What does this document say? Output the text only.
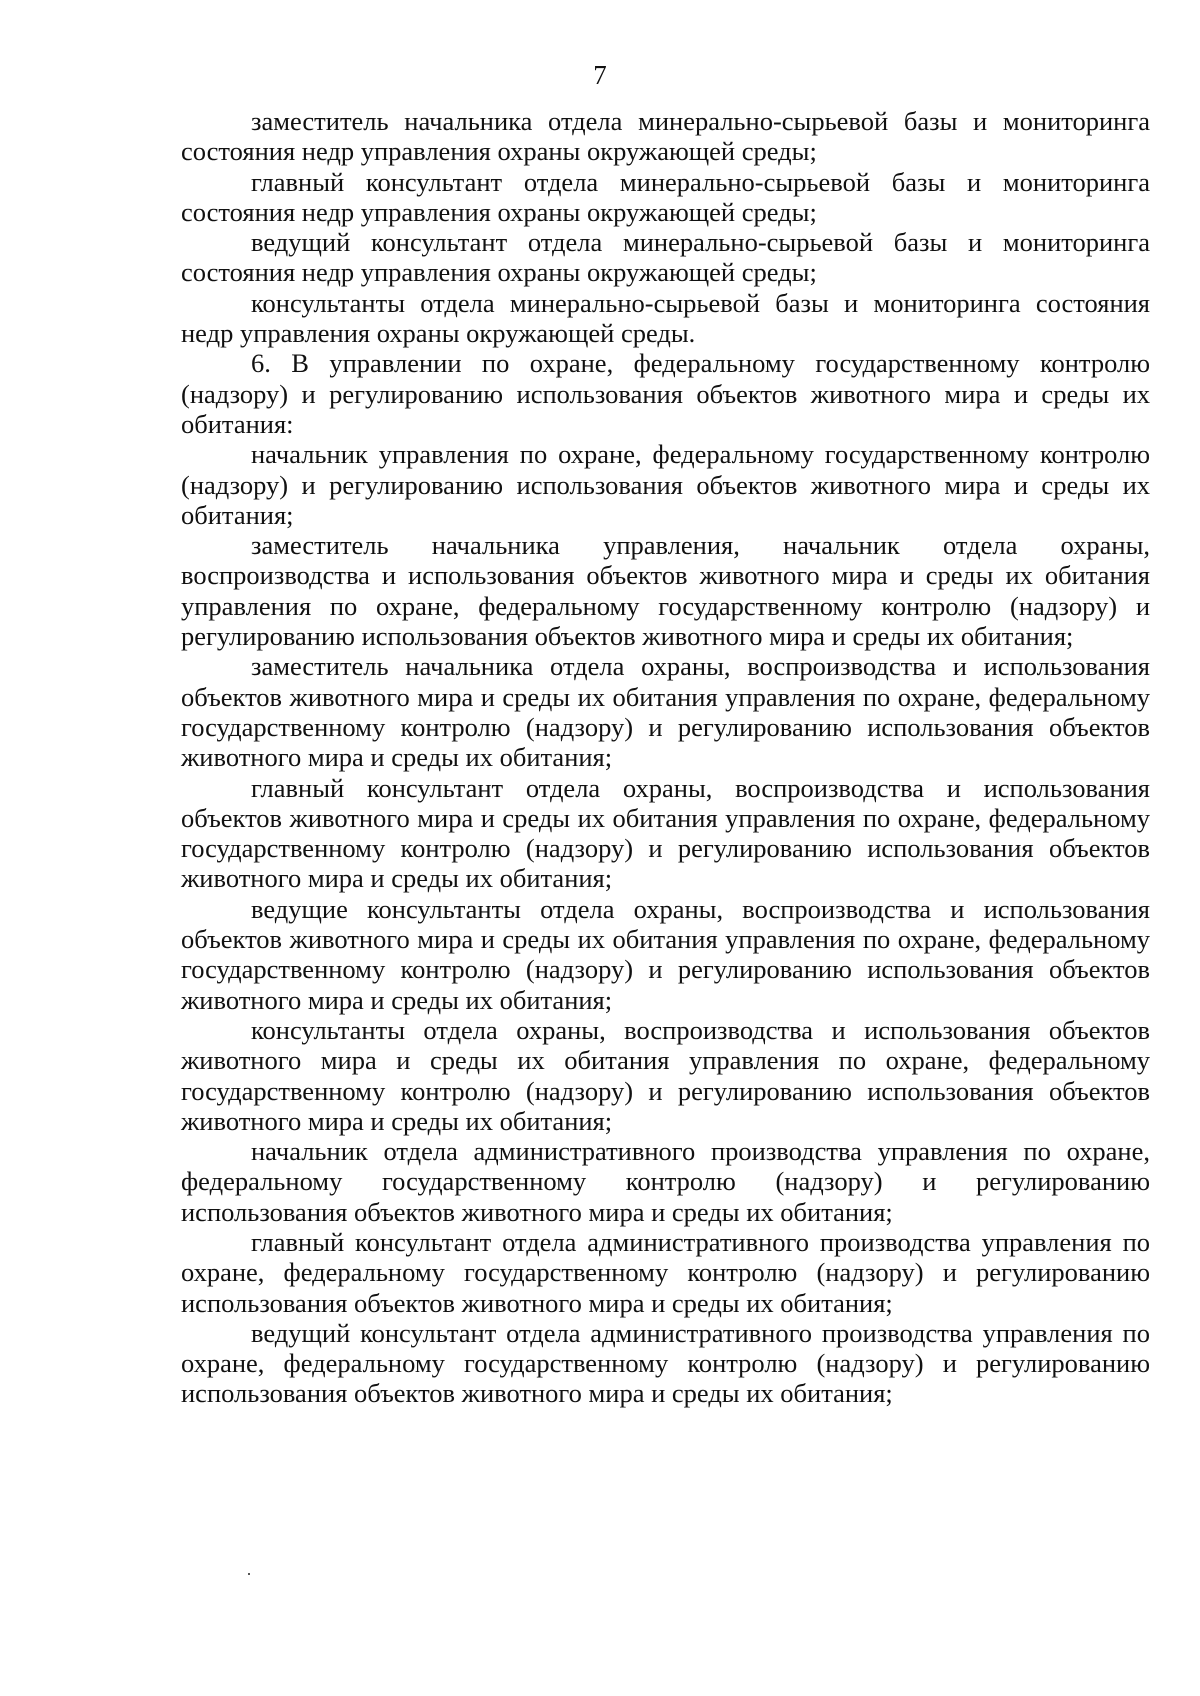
7

заместитель начальника отдела минерально-сырьевой базы и мониторинга состояния недр управления охраны окружающей среды;

главный консультант отдела минерально-сырьевой базы и мониторинга состояния недр управления охраны окружающей среды;

ведущий консультант отдела минерально-сырьевой базы и мониторинга состояния недр управления охраны окружающей среды;

консультанты отдела минерально-сырьевой базы и мониторинга состояния недр управления охраны окружающей среды.

6. В управлении по охране, федеральному государственному контролю (надзору) и регулированию использования объектов животного мира и среды их обитания:

начальник управления по охране, федеральному государственному контролю (надзору) и регулированию использования объектов животного мира и среды их обитания;

заместитель начальника управления, начальник отдела охраны, воспроизводства и использования объектов животного мира и среды их обитания управления по охране, федеральному государственному контролю (надзору) и регулированию использования объектов животного мира и среды их обитания;

заместитель начальника отдела охраны, воспроизводства и использования объектов животного мира и среды их обитания управления по охране, федеральному государственному контролю (надзору) и регулированию использования объектов животного мира и среды их обитания;

главный консультант отдела охраны, воспроизводства и использования объектов животного мира и среды их обитания управления по охране, федеральному государственному контролю (надзору) и регулированию использования объектов животного мира и среды их обитания;

ведущие консультанты отдела охраны, воспроизводства и использования объектов животного мира и среды их обитания управления по охране, федеральному государственному контролю (надзору) и регулированию использования объектов животного мира и среды их обитания;

консультанты отдела охраны, воспроизводства и использования объектов животного мира и среды их обитания управления по охране, федеральному государственному контролю (надзору) и регулированию использования объектов животного мира и среды их обитания;

начальник отдела административного производства управления по охране, федеральному государственному контролю (надзору) и регулированию использования объектов животного мира и среды их обитания;

главный консультант отдела административного производства управления по охране, федеральному государственному контролю (надзору) и регулированию использования объектов животного мира и среды их обитания;

ведущий консультант отдела административного производства управления по охране, федеральному государственному контролю (надзору) и регулированию использования объектов животного мира и среды их обитания;
